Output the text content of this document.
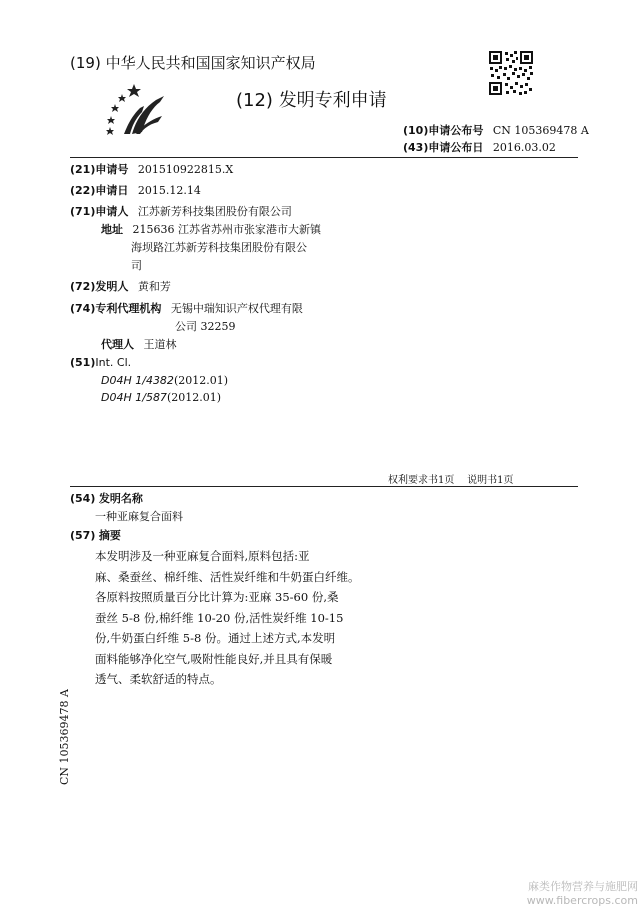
(19) 中华人民共和国国家知识产权局
(12) 发明专利申请
(10)申请公布号 CN 105369478 A
(43)申请公布日 2016.03.02
(21)申请号 201510922815.X
(22)申请日 2015.12.14
(71)申请人 江苏新芳科技集团股份有限公司
地址 215636 江苏省苏州市张家港市大新镇
海坝路江苏新芳科技集团股份有限公
司
(72)发明人 黄和芳
(74)专利代理机构 无锡中瑞知识产权代理有限
公司 32259
代理人 王道林
(51)Int. Cl.
D04H 1/4382(2012.01)
D04H 1/587(2012.01)
权利要求书1页    说明书1页
(54) 发明名称
一种亚麻复合面料
(57) 摘要
本发明涉及一种亚麻复合面料,原料包括:亚
麻、桑蚕丝、棉纤维、活性炭纤维和牛奶蛋白纤维。
各原料按照质量百分比计算为:亚麻 35-60 份,桑
蚕丝 5-8 份,棉纤维 10-20 份,活性炭纤维 10-15
份,牛奶蛋白纤维 5-8 份。通过上述方式,本发明
面料能够净化空气,吸附性能良好,并且具有保暖
透气、柔软舒适的特点。
CN 105369478 A
麻类作物营养与施肥网
www.fibercrops.com
